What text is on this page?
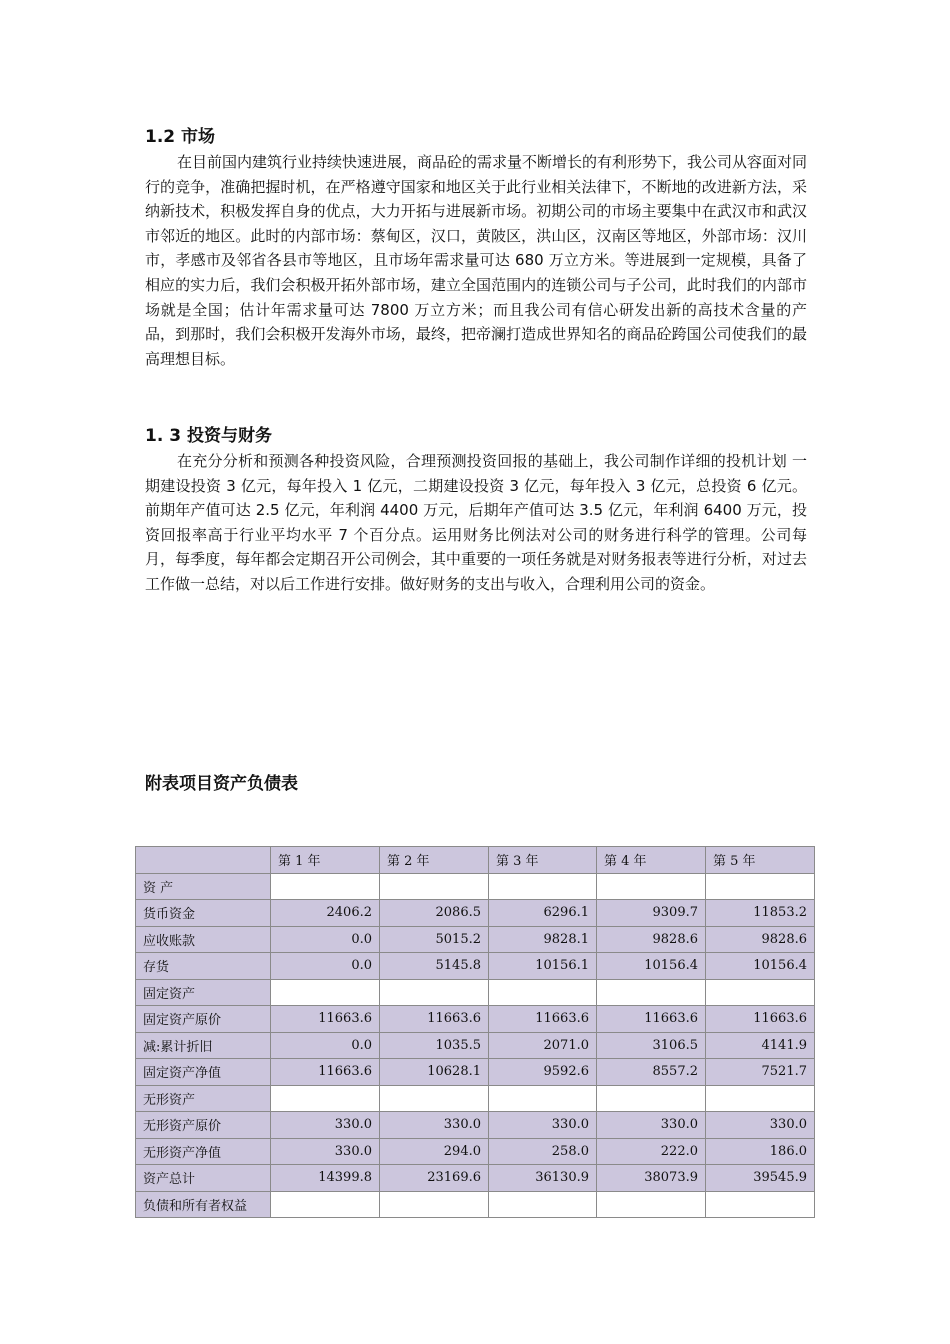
1.2 市场

在目前国内建筑行业持续快速进展，商品砼的需求量不断增长的有利形势下，我公司从容面对同行的竞争，准确把握时机，在严格遵守国家和地区关于此行业相关法律下，不断地的改进新方法，采纳新技术，积极发挥自身的优点，大力开拓与进展新市场。初期公司的市场主要集中在武汉市和武汉市邻近的地区。此时的内部市场：蔡甸区，汉口，黄陂区，洪山区，汉南区等地区，外部市场：汉川市，孝感市及邻省各县市等地区，且市场年需求量可达 680 万立方米。等进展到一定规模，具备了相应的实力后，我们会积极开拓外部市场，建立全国范围内的连锁公司与子公司，此时我们的内部市场就是全国；估计年需求量可达 7800 万立方米；而且我公司有信心研发出新的高技术含量的产品，到那时，我们会积极开发海外市场，最终，把帝澜打造成世界知名的商品砼跨国公司使我们的最高理想目标。

1. 3 投资与财务

在充分分析和预测各种投资风险，合理预测投资回报的基础上，我公司制作详细的投机计划 一期建设投资 3 亿元，每年投入 1 亿元，二期建设投资 3 亿元，每年投入 3 亿元，总投资 6 亿元。前期年产值可达 2.5 亿元，年利润 4400 万元，后期年产值可达 3.5 亿元，年利润 6400 万元，投资回报率高于行业平均水平 7 个百分点。运用财务比例法对公司的财务进行科学的管理。公司每月，每季度，每年都会定期召开公司例会，其中重要的一项任务就是对财务报表等进行分析，对过去工作做一总结，对以后工作进行安排。做好财务的支出与收入，合理利用公司的资金。

附表项目资产负债表
	第 1 年	第 2 年	第 3 年	第 4 年	第 5 年
资 产					
货币资金	2406.2	2086.5	6296.1	9309.7	11853.2
应收账款	0.0	5015.2	9828.1	9828.6	9828.6
存货	0.0	5145.8	10156.1	10156.4	10156.4
固定资产					
固定资产原价	11663.6	11663.6	11663.6	11663.6	11663.6
减:累计折旧	0.0	1035.5	2071.0	3106.5	4141.9
固定资产净值	11663.6	10628.1	9592.6	8557.2	7521.7
无形资产					
无形资产原价	330.0	330.0	330.0	330.0	330.0
无形资产净值	330.0	294.0	258.0	222.0	186.0
资产总计	14399.8	23169.6	36130.9	38073.9	39545.9
负债和所有者权益					
